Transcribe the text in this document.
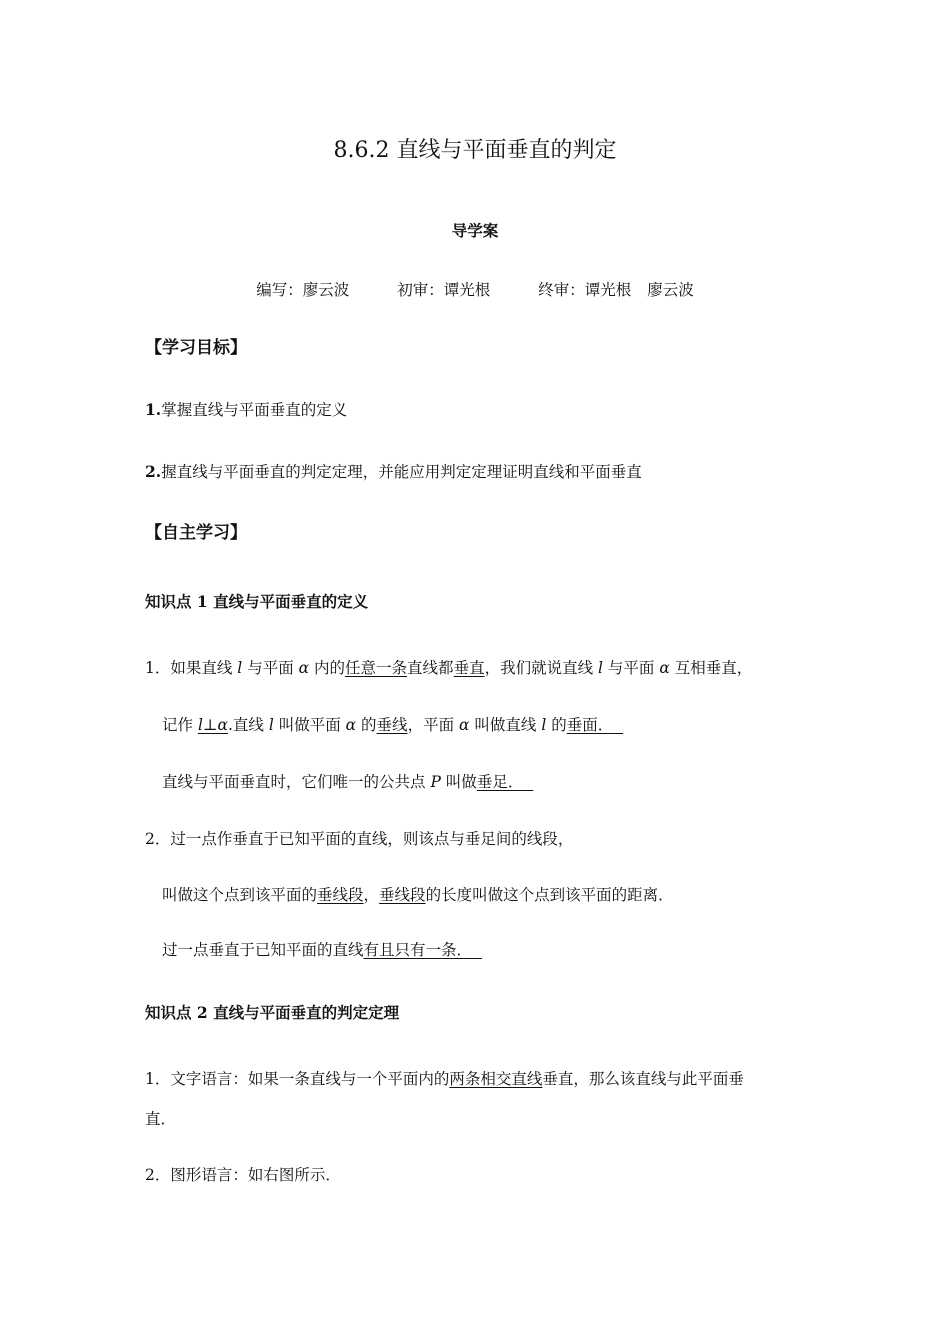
8.6.2 直线与平面垂直的判定
导学案
编写：廖云波	初审：谭光根	终审：谭光根 廖云波
【学习目标】
1.掌握直线与平面垂直的定义
2.握直线与平面垂直的判定定理，并能应用判定定理证明直线和平面垂直
【自主学习】
知识点 1 直线与平面垂直的定义
1．如果直线 l 与平面 α 内的任意一条直线都垂直，我们就说直线 l 与平面 α 互相垂直，
记作 l⊥α.直线 l 叫做平面 α 的垂线，平面 α 叫做直线 l 的垂面．
直线与平面垂直时，它们唯一的公共点 P 叫做垂足．
2．过一点作垂直于已知平面的直线，则该点与垂足间的线段，
叫做这个点到该平面的垂线段，垂线段的长度叫做这个点到该平面的距离．
过一点垂直于已知平面的直线有且只有一条．
知识点 2 直线与平面垂直的判定定理
1．文字语言：如果一条直线与一个平面内的两条相交直线垂直，那么该直线与此平面垂
直．
2．图形语言：如右图所示．
